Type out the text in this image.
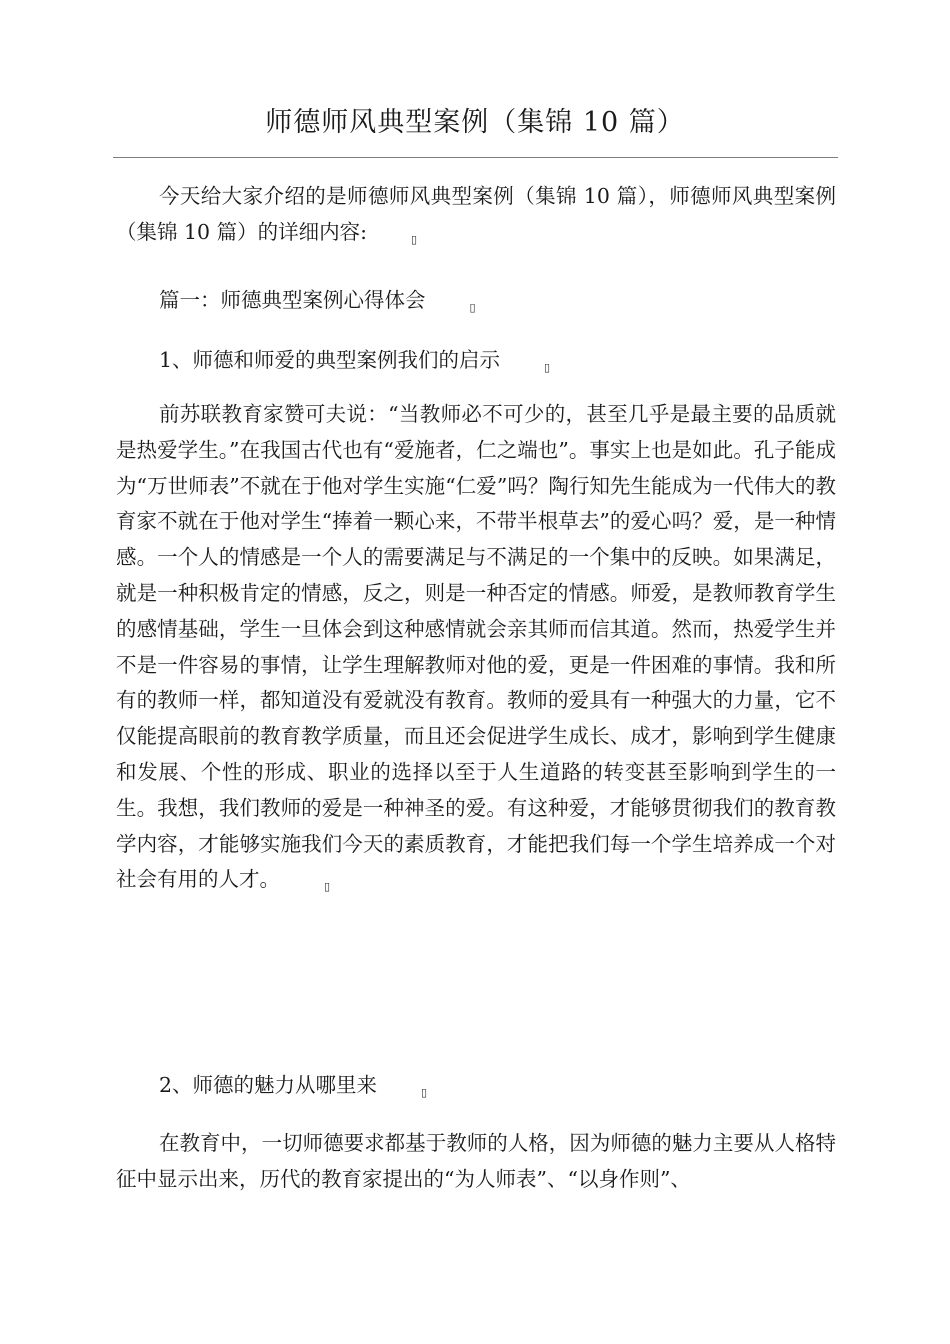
师德师风典型案例（集锦 10 篇）

今天给大家介绍的是师德师风典型案例（集锦 10 篇），师德师风典型案例（集锦 10 篇）的详细内容:	▯

篇一：师德典型案例心得体会	▯

1、师德和师爱的典型案例我们的启示	▯

前苏联教育家赞可夫说：“当教师必不可少的，甚至几乎是最主要的品质就是热爱学生。”在我国古代也有“爱施者，仁之端也”。事实上也是如此。孔子能成为“万世师表”不就在于他对学生实施“仁爱”吗？陶行知先生能成为一代伟大的教育家不就在于他对学生“捧着一颗心来，不带半根草去”的爱心吗？爱，是一种情感。一个人的情感是一个人的需要满足与不满足的一个集中的反映。如果满足，就是一种积极肯定的情感，反之，则是一种否定的情感。师爱，是教师教育学生的感情基础，学生一旦体会到这种感情就会亲其师而信其道。然而，热爱学生并不是一件容易的事情，让学生理解教师对他的爱，更是一件困难的事情。我和所有的教师一样，都知道没有爱就没有教育。教师的爱具有一种强大的力量，它不仅能提高眼前的教育教学质量，而且还会促进学生成长、成才，影响到学生健康和发展、个性的形成、职业的选择以至于人生道路的转变甚至影响到学生的一生。我想，我们教师的爱是一种神圣的爱。有这种爱，才能够贯彻我们的教育教学内容，才能够实施我们今天的素质教育，才能把我们每一个学生培养成一个对社会有用的人才。	▯

2、师德的魅力从哪里来	▯

在教育中，一切师德要求都基于教师的人格，因为师德的魅力主要从人格特征中显示出来，历代的教育家提出的“为人师表”、“以身作则”、
